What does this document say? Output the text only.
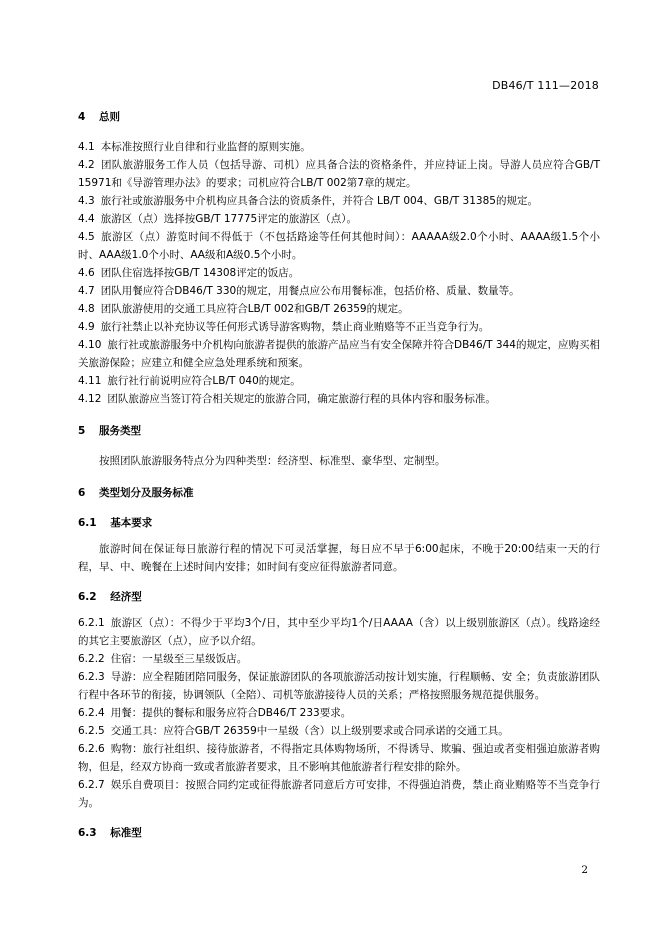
DB46/T 111—2018

4 总则

4.1 本标准按照行业自律和行业监督的原则实施。

4.2 团队旅游服务工作人员（包括导游、司机）应具备合法的资格条件，并应持证上岗。导游人员应符合GB/T 15971和《导游管理办法》的要求；司机应符合LB/T 002第7章的规定。

4.3 旅行社或旅游服务中介机构应具备合法的资质条件，并符合 LB/T 004、GB/T 31385的规定。

4.4 旅游区（点）选择按GB/T 17775评定的旅游区（点）。

4.5 旅游区（点）游览时间不得低于（不包括路途等任何其他时间）：AAAAA级2.0个小时、AAAA级1.5个小时、AAA级1.0个小时、AA级和A级0.5个小时。

4.6 团队住宿选择按GB/T 14308评定的饭店。

4.7 团队用餐应符合DB46/T 330的规定，用餐点应公布用餐标准，包括价格、质量、数量等。

4.8 团队旅游使用的交通工具应符合LB/T 002和GB/T 26359的规定。

4.9 旅行社禁止以补充协议等任何形式诱导游客购物，禁止商业贿赂等不正当竞争行为。

4.10 旅行社或旅游服务中介机构向旅游者提供的旅游产品应当有安全保障并符合DB46/T 344的规定，应购买相关旅游保险；应建立和健全应急处理系统和预案。

4.11 旅行社行前说明应符合LB/T 040的规定。

4.12 团队旅游应当签订符合相关规定的旅游合同，确定旅游行程的具体内容和服务标准。

5 服务类型

按照团队旅游服务特点分为四种类型：经济型、标准型、豪华型、定制型。

6 类型划分及服务标准

6.1 基本要求

旅游时间在保证每日旅游行程的情况下可灵活掌握，每日应不早于6:00起床，不晚于20:00结束一天的行程，早、中、晚餐在上述时间内安排；如时间有变应征得旅游者同意。

6.2 经济型

6.2.1 旅游区（点）：不得少于平均3个/日，其中至少平均1个/日AAAA（含）以上级别旅游区（点）。线路途经的其它主要旅游区（点），应予以介绍。

6.2.2 住宿：一星级至三星级饭店。

6.2.3 导游：应全程随团陪同服务，保证旅游团队的各项旅游活动按计划实施，行程顺畅、安 全；负责旅游团队行程中各环节的衔接，协调领队（全陪）、司机等旅游接待人员的关系；严格按照服务规范提供服务。

6.2.4 用餐：提供的餐标和服务应符合DB46/T 233要求。

6.2.5 交通工具：应符合GB/T 26359中一星级（含）以上级别要求或合同承诺的交通工具。

6.2.6 购物：旅行社组织、接待旅游者，不得指定具体购物场所，不得诱导、欺骗、强迫或者变相强迫旅游者购物，但是，经双方协商一致或者旅游者要求，且不影响其他旅游者行程安排的除外。

6.2.7 娱乐自费项目：按照合同约定或征得旅游者同意后方可安排，不得强迫消费，禁止商业贿赂等不当竞争行为。

6.3 标准型

2
